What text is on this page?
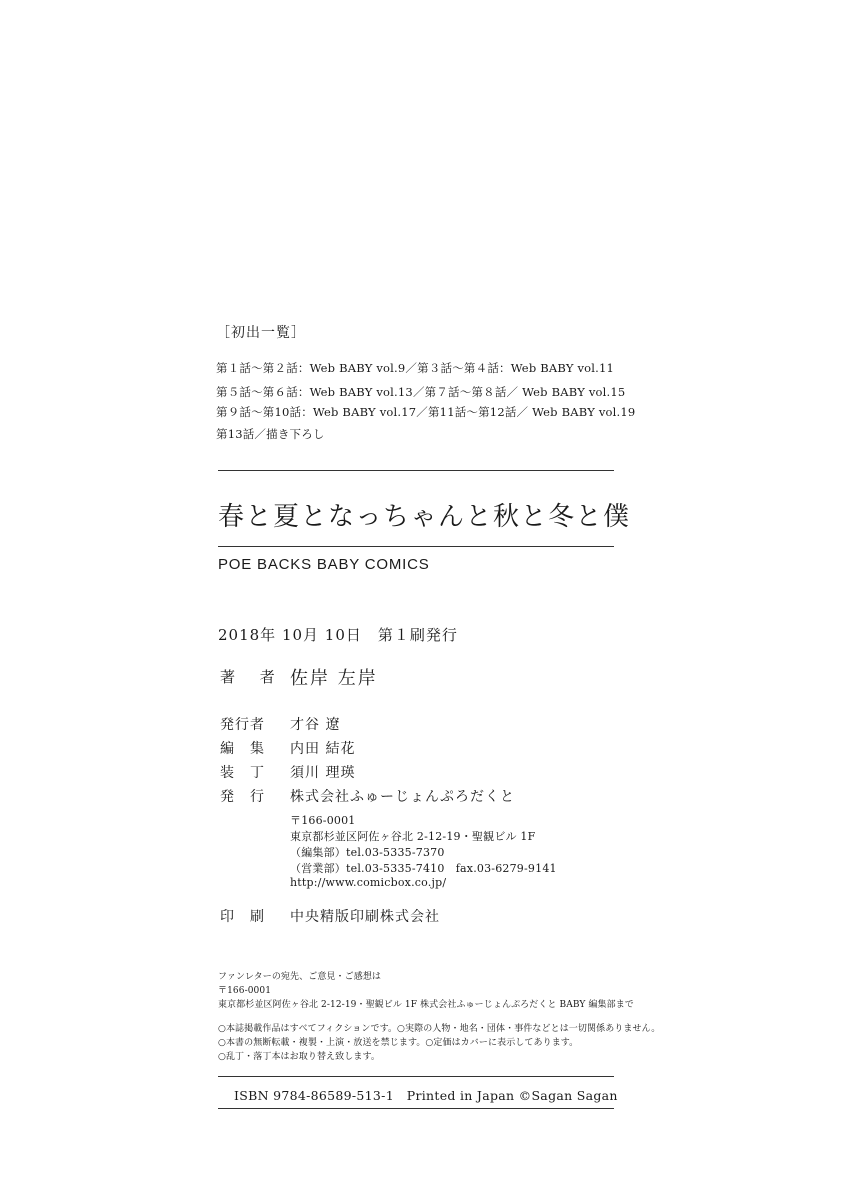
［初出一覧］
第１話〜第２話：Web BABY vol.9／第３話〜第４話：Web BABY vol.11
第５話〜第６話：Web BABY vol.13／第７話〜第８話／ Web BABY vol.15
第９話〜第10話：Web BABY vol.17／第11話〜第12話／ Web BABY vol.19
第13話／描き下ろし
春と夏となっちゃんと秋と冬と僕
POE BACKS BABY COMICS
2018年 10月 10日　第１刷発行
著 者 佐岸 左岸
発行者 才谷 遼
編　集 内田 結花
装　丁 須川 理瑛
発　行 株式会社ふゅーじょんぷろだくと
〒166-0001
東京都杉並区阿佐ヶ谷北 2-12-19・聖観ビル 1F
（編集部）tel.03-5335-7370
（営業部）tel.03-5335-7410　fax.03-6279-9141
http://www.comicbox.co.jp/
印　刷 中央精版印刷株式会社
ファンレターの宛先、ご意見・ご感想は
〒166-0001
東京都杉並区阿佐ヶ谷北 2-12-19・聖観ビル 1F 株式会社ふゅーじょんぷろだくと BABY 編集部まで
○本誌掲載作品はすべてフィクションです。○実際の人物・地名・団体・事件などとは一切関係ありません。
○本書の無断転載・複製・上演・放送を禁じます。○定価はカバーに表示してあります。
○乱丁・落丁本はお取り替え致します。
ISBN 9784-86589-513-1　Printed in Japan ©Sagan Sagan
